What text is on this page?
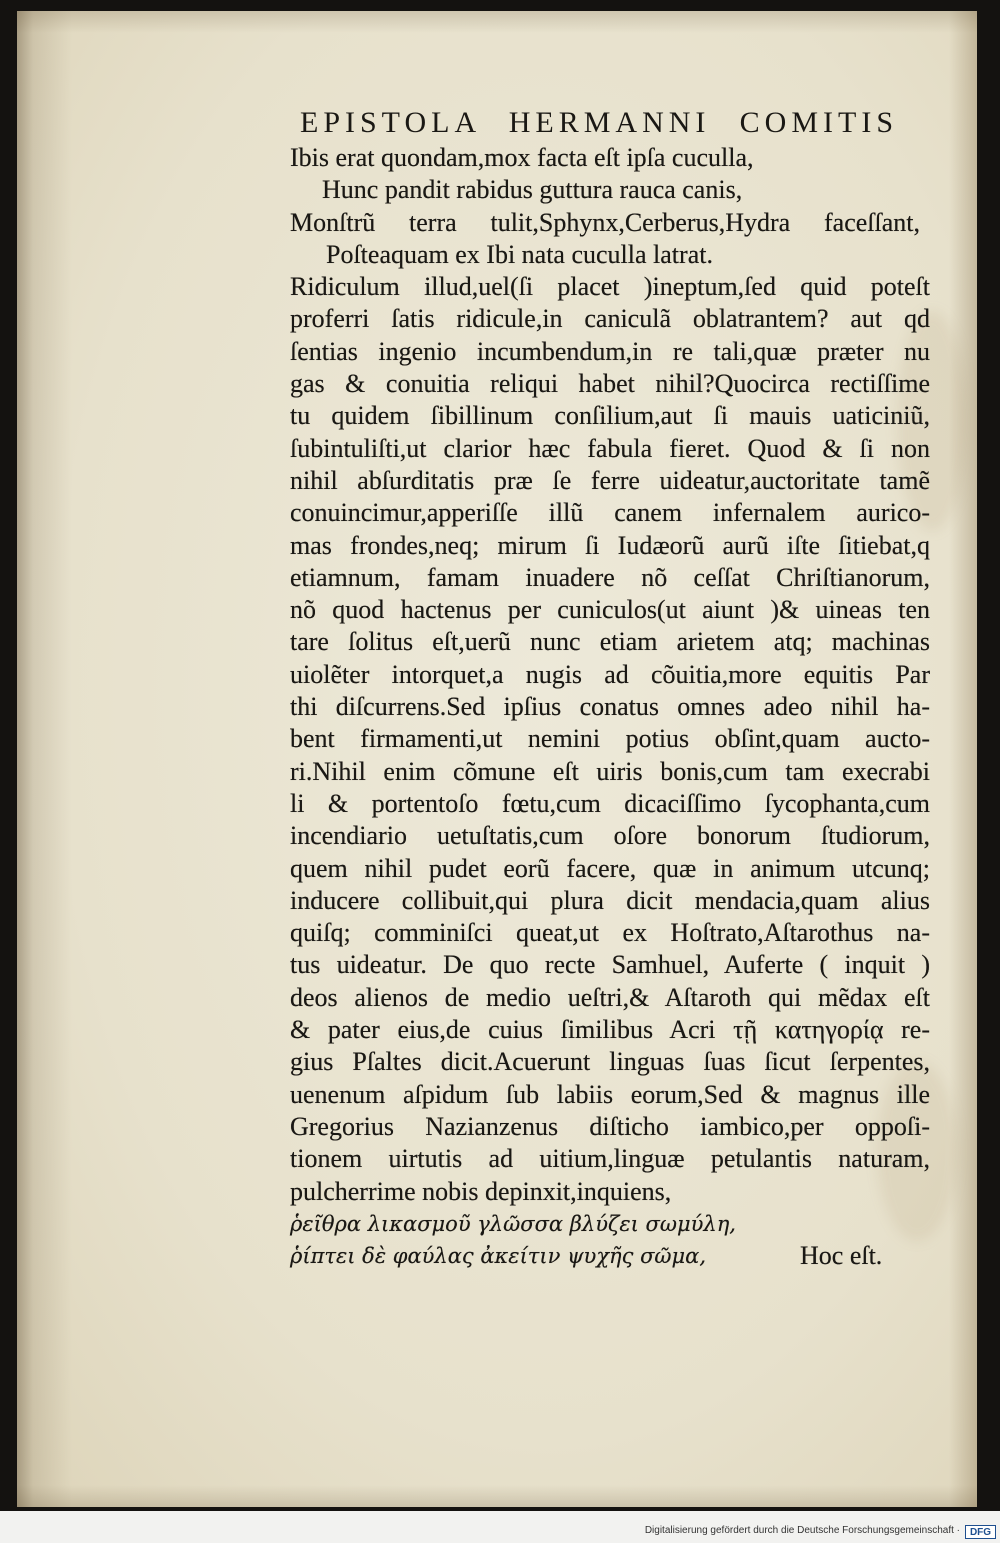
EPISTOLA HERMANNI COMITIS
Ibis erat quondam,mox facta eſt ipſa cuculla,
Hunc pandit rabidus guttura rauca canis,
Monſtrũ terra tulit,Sphynx,Cerberus,Hydra faceſſant,
Poſteaquam ex Ibi nata cuculla latrat.
Ridiculum illud,uel(ſi placet )ineptum,ſed quid poteſt
proferri ſatis ridicule,in caniculã oblatrantem? aut qd
ſentias ingenio incumbendum,in re tali,quæ præter nu
gas & conuitia reliqui habet nihil?Quocirca rectiſſime
tu quidem ſibillinum conſilium,aut ſi mauis uaticiniũ,
ſubintuliſti,ut clarior hæc fabula fieret. Quod & ſi non
nihil abſurditatis præ ſe ferre uideatur,auctoritate tamẽ
conuincimur,apperiſſe illũ canem infernalem aurico-
mas frondes,neq; mirum ſi Iudæorũ aurũ iſte ſitiebat,q
etiamnum, famam inuadere nõ ceſſat Chriſtianorum,
nõ quod hactenus per cuniculos(ut aiunt )& uineas ten
tare ſolitus eſt,uerũ nunc etiam arietem atq; machinas
uiolẽter intorquet,a nugis ad cõuitia,more equitis Par
thi diſcurrens.Sed ipſius conatus omnes adeo nihil ha-
bent firmamenti,ut nemini potius obſint,quam aucto-
ri.Nihil enim cõmune eſt uiris bonis,cum tam execrabi
li & portentoſo fœtu,cum dicaciſſimo ſycophanta,cum
incendiario uetuſtatis,cum oſore bonorum ſtudiorum,
quem nihil pudet eorũ facere, quæ in animum utcunq;
inducere collibuit,qui plura dicit mendacia,quam alius
quiſq; comminiſci queat,ut ex Hoſtrato,Aſtarothus na-
tus uideatur. De quo recte Samhuel, Auferte ( inquit )
deos alienos de medio ueſtri,& Aſtaroth qui mẽdax eſt
& pater eius,de cuius ſimilibus Acri τῇ κατηγορίᾳ re-
gius Pſaltes dicit.Acuerunt linguas ſuas ſicut ſerpentes,
uenenum aſpidum ſub labiis eorum,Sed & magnus ille
Gregorius Nazianzenus diſticho iambico,per oppoſi-
tionem uirtutis ad uitium,linguæ petulantis naturam,
pulcherrime nobis depinxit,inquiens,
ῥεῖθρα λικασμοῦ γλῶσσα βλύζει σωμύλη,
ῥίπτει δὲ φαύλας ἀκείτιν ψυχῆς σῶμα,	Hoc eſt.
Digitalisierung gefördert durch die Deutsche Forschungsgemeinschaft · DFG
